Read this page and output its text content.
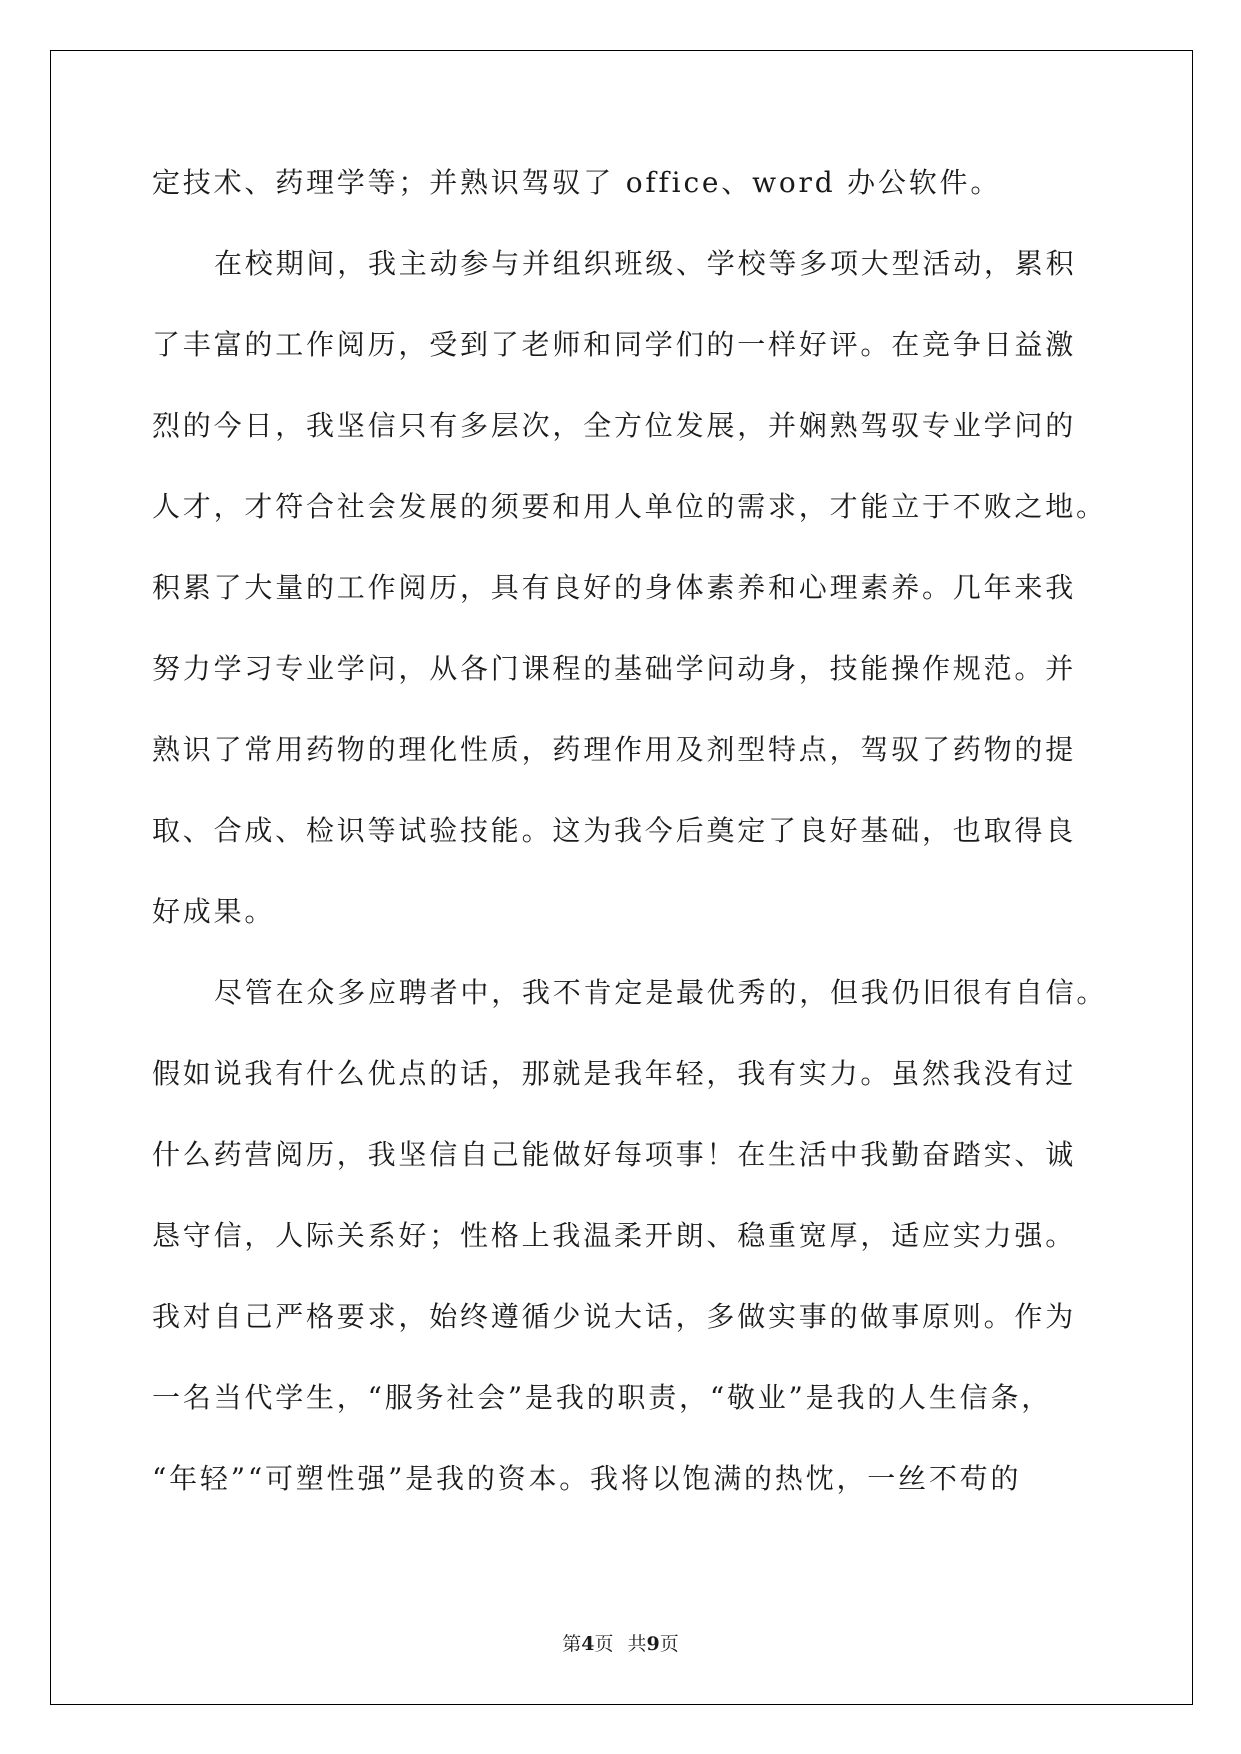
定技术、药理学等；并熟识驾驭了 office、word 办公软件。
在校期间，我主动参与并组织班级、学校等多项大型活动，累积
了丰富的工作阅历，受到了老师和同学们的一样好评。在竞争日益激
烈的今日，我坚信只有多层次，全方位发展，并娴熟驾驭专业学问的
人才，才符合社会发展的须要和用人单位的需求，才能立于不败之地。
积累了大量的工作阅历，具有良好的身体素养和心理素养。几年来我
努力学习专业学问，从各门课程的基础学问动身，技能操作规范。并
熟识了常用药物的理化性质，药理作用及剂型特点，驾驭了药物的提
取、合成、检识等试验技能。这为我今后奠定了良好基础，也取得良
好成果。
尽管在众多应聘者中，我不肯定是最优秀的，但我仍旧很有自信。
假如说我有什么优点的话，那就是我年轻，我有实力。虽然我没有过
什么药营阅历，我坚信自己能做好每项事！在生活中我勤奋踏实、诚
恳守信，人际关系好；性格上我温柔开朗、稳重宽厚，适应实力强。
我对自己严格要求，始终遵循少说大话，多做实事的做事原则。作为
一名当代学生，“服务社会”是我的职责，“敬业”是我的人生信条，
“年轻”“可塑性强”是我的资本。我将以饱满的热忱，一丝不苟的
第4页 共9页
